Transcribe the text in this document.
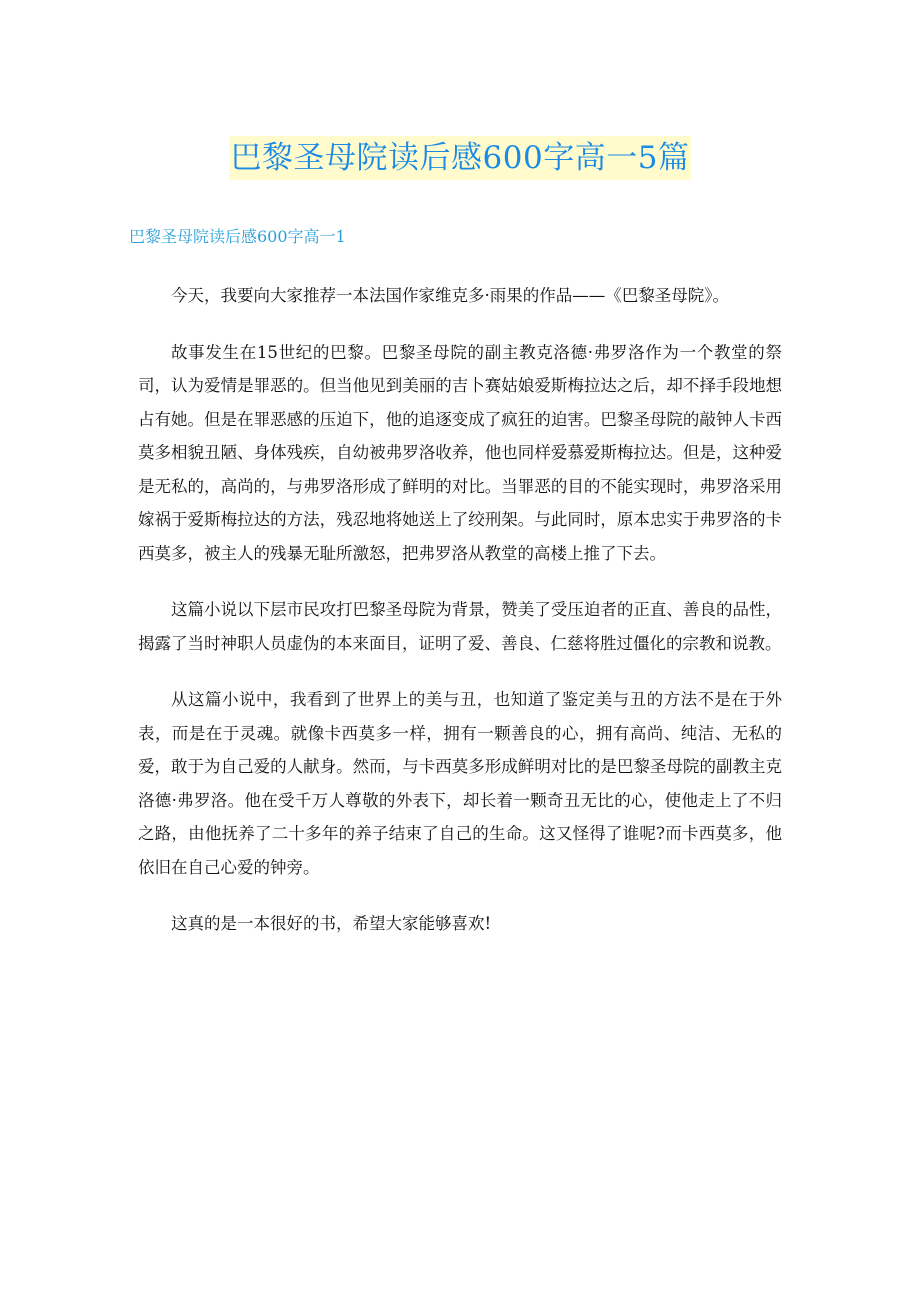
巴黎圣母院读后感600字高一5篇
巴黎圣母院读后感600字高一1

今天，我要向大家推荐一本法国作家维克多·雨果的作品——《巴黎圣母院》。

故事发生在15世纪的巴黎。巴黎圣母院的副主教克洛德·弗罗洛作为一个教堂的祭司，认为爱情是罪恶的。但当他见到美丽的吉卜赛姑娘爱斯梅拉达之后，却不择手段地想占有她。但是在罪恶感的压迫下，他的追逐变成了疯狂的迫害。巴黎圣母院的敲钟人卡西莫多相貌丑陋、身体残疾，自幼被弗罗洛收养，他也同样爱慕爱斯梅拉达。但是，这种爱是无私的，高尚的，与弗罗洛形成了鲜明的对比。当罪恶的目的不能实现时，弗罗洛采用嫁祸于爱斯梅拉达的方法，残忍地将她送上了绞刑架。与此同时，原本忠实于弗罗洛的卡西莫多，被主人的残暴无耻所激怒，把弗罗洛从教堂的高楼上推了下去。

这篇小说以下层市民攻打巴黎圣母院为背景，赞美了受压迫者的正直、善良的品性，揭露了当时神职人员虚伪的本来面目，证明了爱、善良、仁慈将胜过僵化的宗教和说教。

从这篇小说中，我看到了世界上的美与丑，也知道了鉴定美与丑的方法不是在于外表，而是在于灵魂。就像卡西莫多一样，拥有一颗善良的心，拥有高尚、纯洁、无私的爱，敢于为自己爱的人献身。然而，与卡西莫多形成鲜明对比的是巴黎圣母院的副教主克洛德·弗罗洛。他在受千万人尊敬的外表下，却长着一颗奇丑无比的心，使他走上了不归之路，由他抚养了二十多年的养子结束了自己的生命。这又怪得了谁呢?而卡西莫多，他依旧在自己心爱的钟旁。

这真的是一本很好的书，希望大家能够喜欢!
